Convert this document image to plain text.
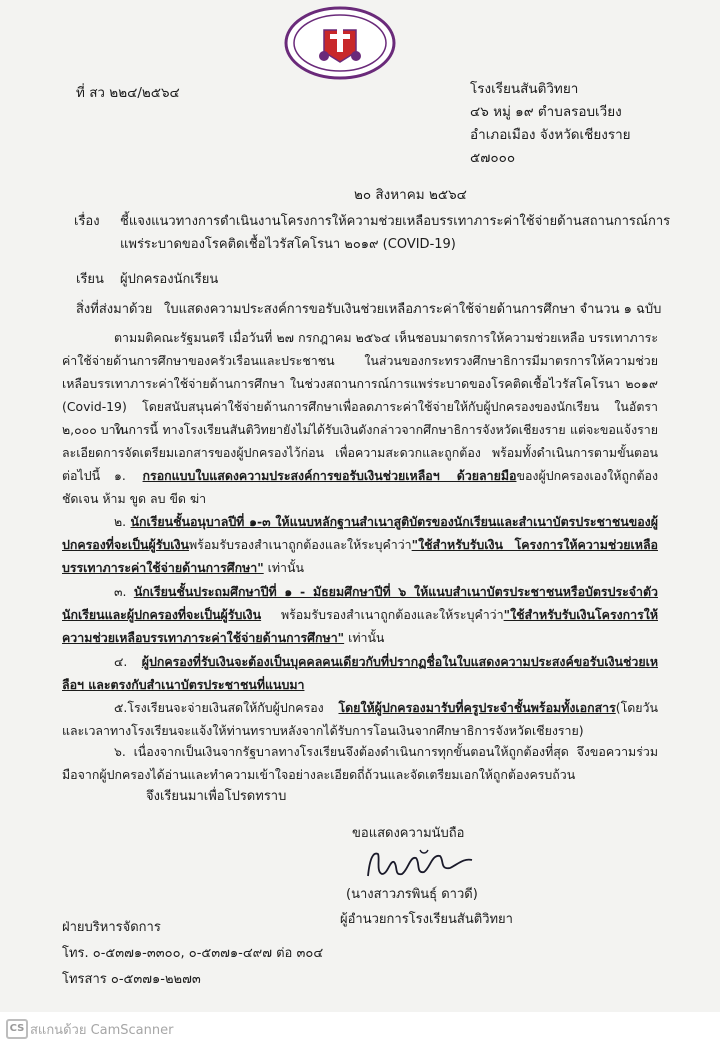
ที่ สว ๒๒๔/๒๕๖๔	โรงเรียนสันติวิทยา
๔๖ หมู่ ๑๙ ตำบลรอบเวียง
อำเภอเมือง จังหวัดเชียงราย
๕๗๐๐๐
๒๐ สิงหาคม ๒๕๖๔
เรื่อง ชี้แจงแนวทางการดำเนินงานโครงการให้ความช่วยเหลือบรรเทาภาระค่าใช้จ่ายด้านสถานการณ์การ
แพร่ระบาดของโรคติดเชื้อไวรัสโคโรนา ๒๐๑๙ (COVID-19)
เรียน ผู้ปกครองนักเรียน
สิ่งที่ส่งมาด้วย ใบแสดงความประสงค์การขอรับเงินช่วยเหลือภาระค่าใช้จ่ายด้านการศึกษา จำนวน ๑ ฉบับ
ตามมติคณะรัฐมนตรี เมื่อวันที่ ๒๗ กรกฎาคม ๒๕๖๔ เห็นชอบมาตรการให้ความช่วยเหลือ บรรเทาภาระค่าใช้จ่ายด้านการศึกษาของครัวเรือนและประชาชน ในส่วนของกระทรวงศึกษาธิการมีมาตรการให้ความช่วยเหลือบรรเทาภาระค่าใช้จ่ายด้านการศึกษา ในช่วงสถานการณ์การแพร่ระบาดของโรคติดเชื้อไวรัสโคโรนา ๒๐๑๙ (Covid-19) โดยสนับสนุนค่าใช้จ่ายด้านการศึกษาเพื่อลดภาระค่าใช้จ่ายให้กับผู้ปกครองของนักเรียน ในอัตรา ๒,๐๐๐ บาท
ในการนี้ ทางโรงเรียนสันติวิทยายังไม่ได้รับเงินดังกล่าวจากศึกษาธิการจังหวัดเชียงราย แต่จะขอแจ้งรายละเอียดการจัดเตรียมเอกสารของผู้ปกครองไว้ก่อน เพื่อความสะดวกและถูกต้อง พร้อมทั้งดำเนินการตามขั้นตอนต่อไปนี้	๑. กรอกแบบใบแสดงความประสงค์การขอรับเงินช่วยเหลือฯ ด้วยลายมือของผู้ปกครองเองให้ถูกต้อง ชัดเจน ห้าม ขูด ลบ ขีด ฆ่า
๒. นักเรียนชั้นอนุบาลปีที่ ๑-๓ ให้แนบหลักฐานสำเนาสูติบัตรของนักเรียนและสำเนาบัตรประชาชนของผู้ปกครองที่จะเป็นผู้รับเงินพร้อมรับรองสำเนาถูกต้องและให้ระบุคำว่า"ใช้สำหรับรับเงิน โครงการให้ความช่วยเหลือบรรเทาภาระค่าใช้จ่ายด้านการศึกษา" เท่านั้น
๓. นักเรียนชั้นประถมศึกษาปีที่ ๑ - มัธยมศึกษาปีที่ ๖ ให้แนบสำเนาบัตรประชาชนหรือบัตรประจำตัวนักเรียนและผู้ปกครองที่จะเป็นผู้รับเงิน พร้อมรับรองสำเนาถูกต้องและให้ระบุคำว่า"ใช้สำหรับรับเงินโครงการให้ความช่วยเหลือบรรเทาภาระค่าใช้จ่ายด้านการศึกษา" เท่านั้น
๔. ผู้ปกครองที่รับเงินจะต้องเป็นบุคคลคนเดียวกับที่ปรากฏชื่อในใบแสดงความประสงค์ขอรับเงินช่วยเหลือฯ และตรงกับสำเนาบัตรประชาชนที่แนบมา
๕.โรงเรียนจะจ่ายเงินสดให้กับผู้ปกครอง โดยให้ผู้ปกครองมารับที่ครูประจำชั้นพร้อมทั้งเอกสาร(โดยวันและเวลาทางโรงเรียนจะแจ้งให้ท่านทราบหลังจากได้รับการโอนเงินจากศึกษาธิการจังหวัดเชียงราย)
๖. เนื่องจากเป็นเงินจากรัฐบาลทางโรงเรียนจึงต้องดำเนินการทุกขั้นตอนให้ถูกต้องที่สุด จึงขอความร่วมมือจากผู้ปกครองได้อ่านและทำความเข้าใจอย่างละเอียดถี่ถ้วนและจัดเตรียมเอกให้ถูกต้องครบถ้วน
จึงเรียนมาเพื่อโปรดทราบ
ขอแสดงความนับถือ
(นางสาวภรพินธุ์ ดาวดี)
ผู้อำนวยการโรงเรียนสันติวิทยา
ฝ่ายบริหารจัดการ
โทร. ๐-๕๓๗๑-๓๓๐๐, ๐-๕๓๗๑-๔๙๗ ต่อ ๓๐๔
โทรสาร ๐-๕๓๗๑-๒๒๗๓
CS สแกนด้วย CamScanner
